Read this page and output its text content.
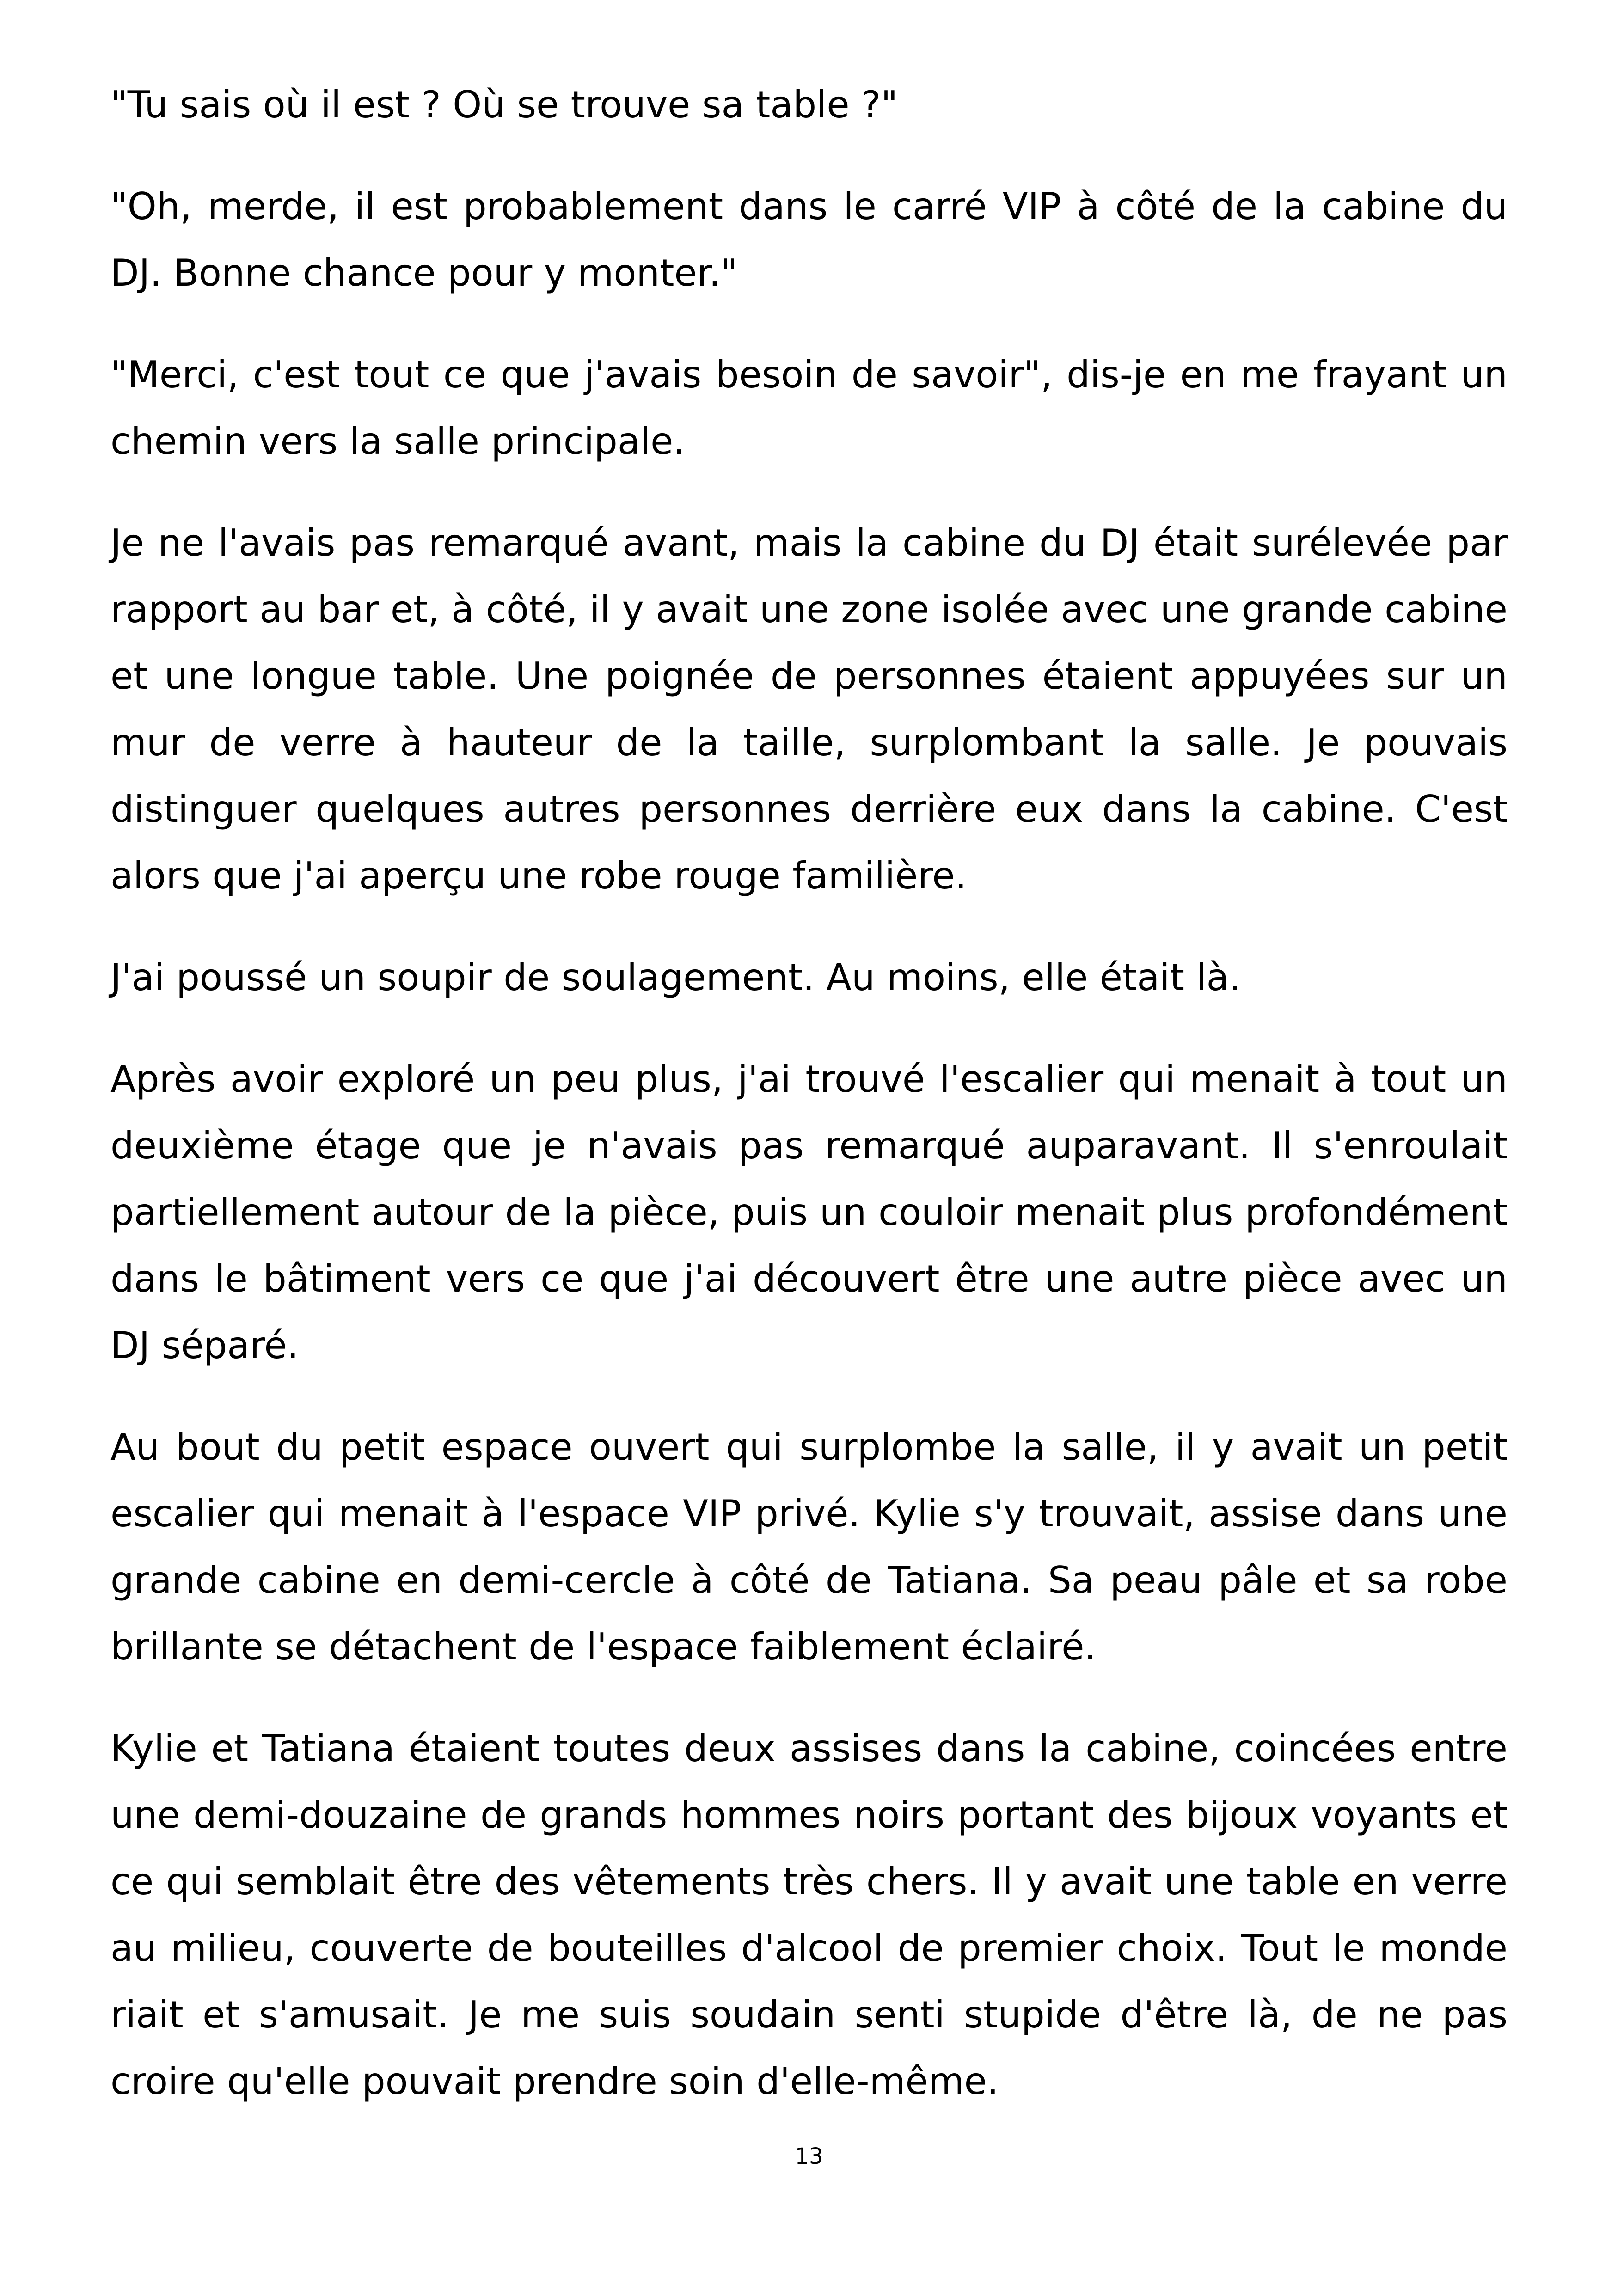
"Tu sais où il est ? Où se trouve sa table ?"

"Oh, merde, il est probablement dans le carré VIP à côté de la cabine du DJ. Bonne chance pour y monter."

"Merci, c'est tout ce que j'avais besoin de savoir", dis-je en me frayant un chemin vers la salle principale.

Je ne l'avais pas remarqué avant, mais la cabine du DJ était surélevée par rapport au bar et, à côté, il y avait une zone isolée avec une grande cabine et une longue table. Une poignée de personnes étaient appuyées sur un mur de verre à hauteur de la taille, surplombant la salle. Je pouvais distinguer quelques autres personnes derrière eux dans la cabine. C'est alors que j'ai aperçu une robe rouge familière.

J'ai poussé un soupir de soulagement. Au moins, elle était là.

Après avoir exploré un peu plus, j'ai trouvé l'escalier qui menait à tout un deuxième étage que je n'avais pas remarqué auparavant. Il s'enroulait partiellement autour de la pièce, puis un couloir menait plus profondément dans le bâtiment vers ce que j'ai découvert être une autre pièce avec un DJ séparé.

Au bout du petit espace ouvert qui surplombe la salle, il y avait un petit escalier qui menait à l'espace VIP privé. Kylie s'y trouvait, assise dans une grande cabine en demi-cercle à côté de Tatiana. Sa peau pâle et sa robe brillante se détachent de l'espace faiblement éclairé.

Kylie et Tatiana étaient toutes deux assises dans la cabine, coincées entre une demi-douzaine de grands hommes noirs portant des bijoux voyants et ce qui semblait être des vêtements très chers. Il y avait une table en verre au milieu, couverte de bouteilles d'alcool de premier choix. Tout le monde riait et s'amusait. Je me suis soudain senti stupide d'être là, de ne pas croire qu'elle pouvait prendre soin d'elle-même.

13
